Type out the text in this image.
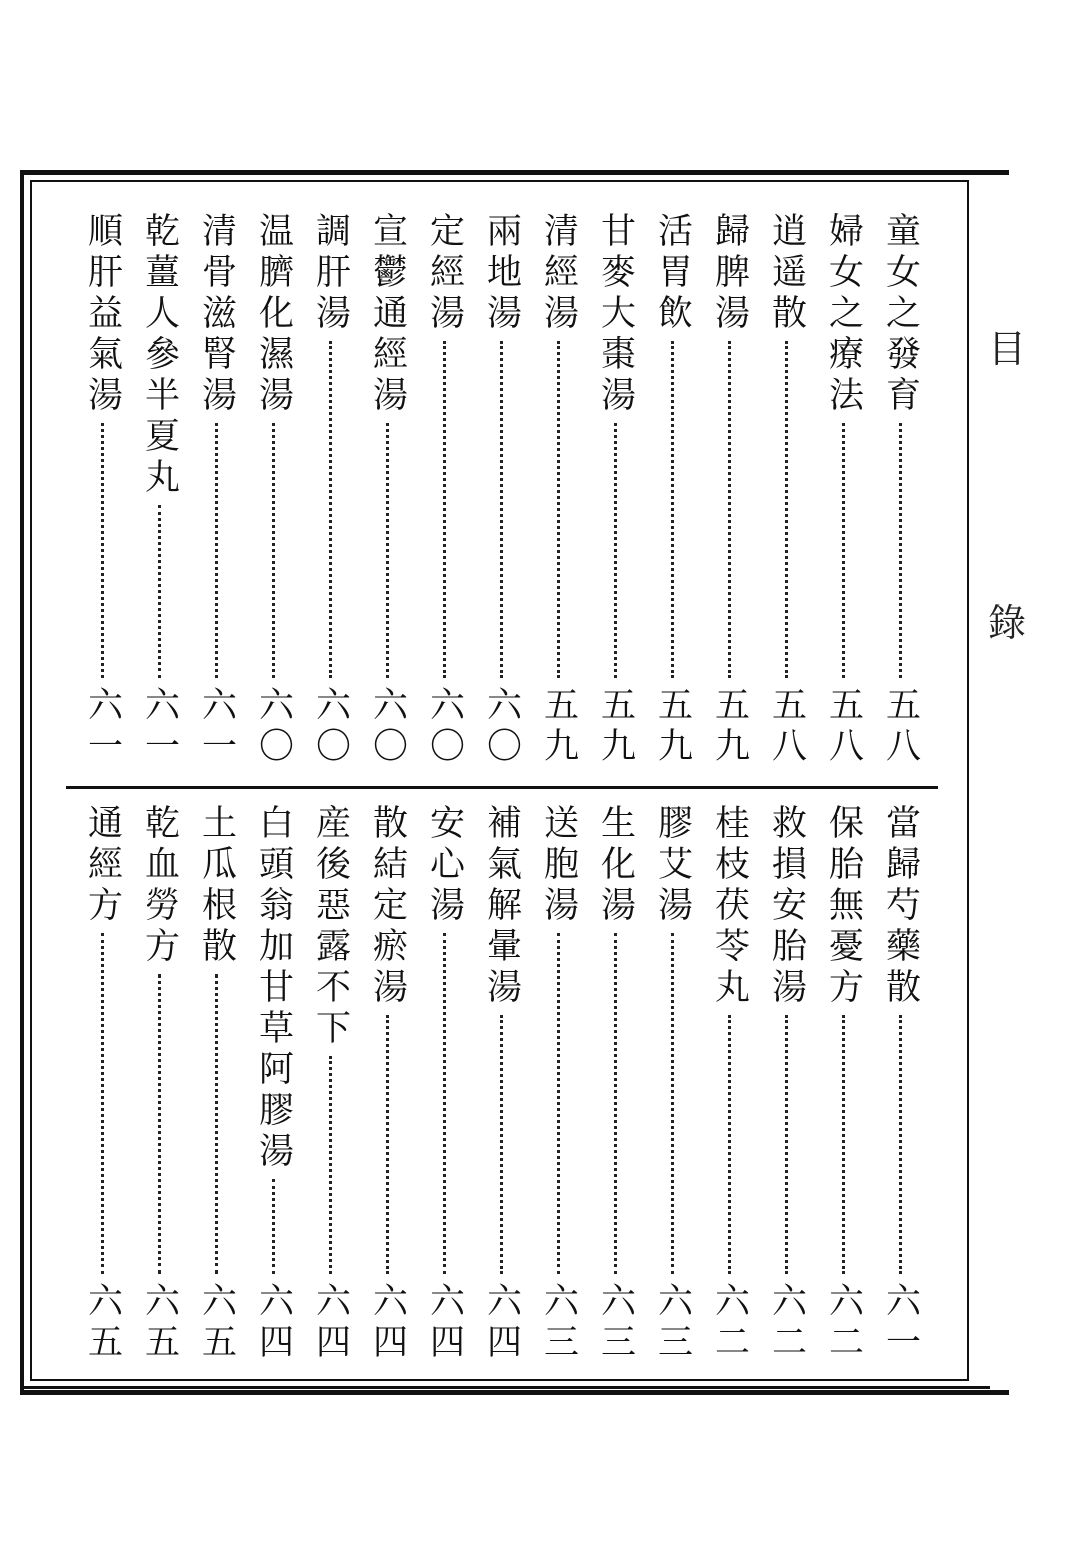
目
錄
童女之發育
五八
婦女之療法
五八
逍遥散
五八
歸脾湯
五九
活胃飲
五九
甘麥大棗湯
五九
清經湯
五九
兩地湯
六〇
定經湯
六〇
宣鬱通經湯
六〇
調肝湯
六〇
温臍化濕湯
六〇
清骨滋腎湯
六一
乾薑人參半夏丸
六一
順肝益氣湯
六一
當歸芍藥散
六一
保胎無憂方
六二
救損安胎湯
六二
桂枝茯苓丸
六二
膠艾湯
六三
生化湯
六三
送胞湯
六三
補氣解暈湯
六四
安心湯
六四
散結定瘀湯
六四
産後惡露不下
六四
白頭翁加甘草阿膠湯
六四
土瓜根散
六五
乾血勞方
六五
通經方
六五
